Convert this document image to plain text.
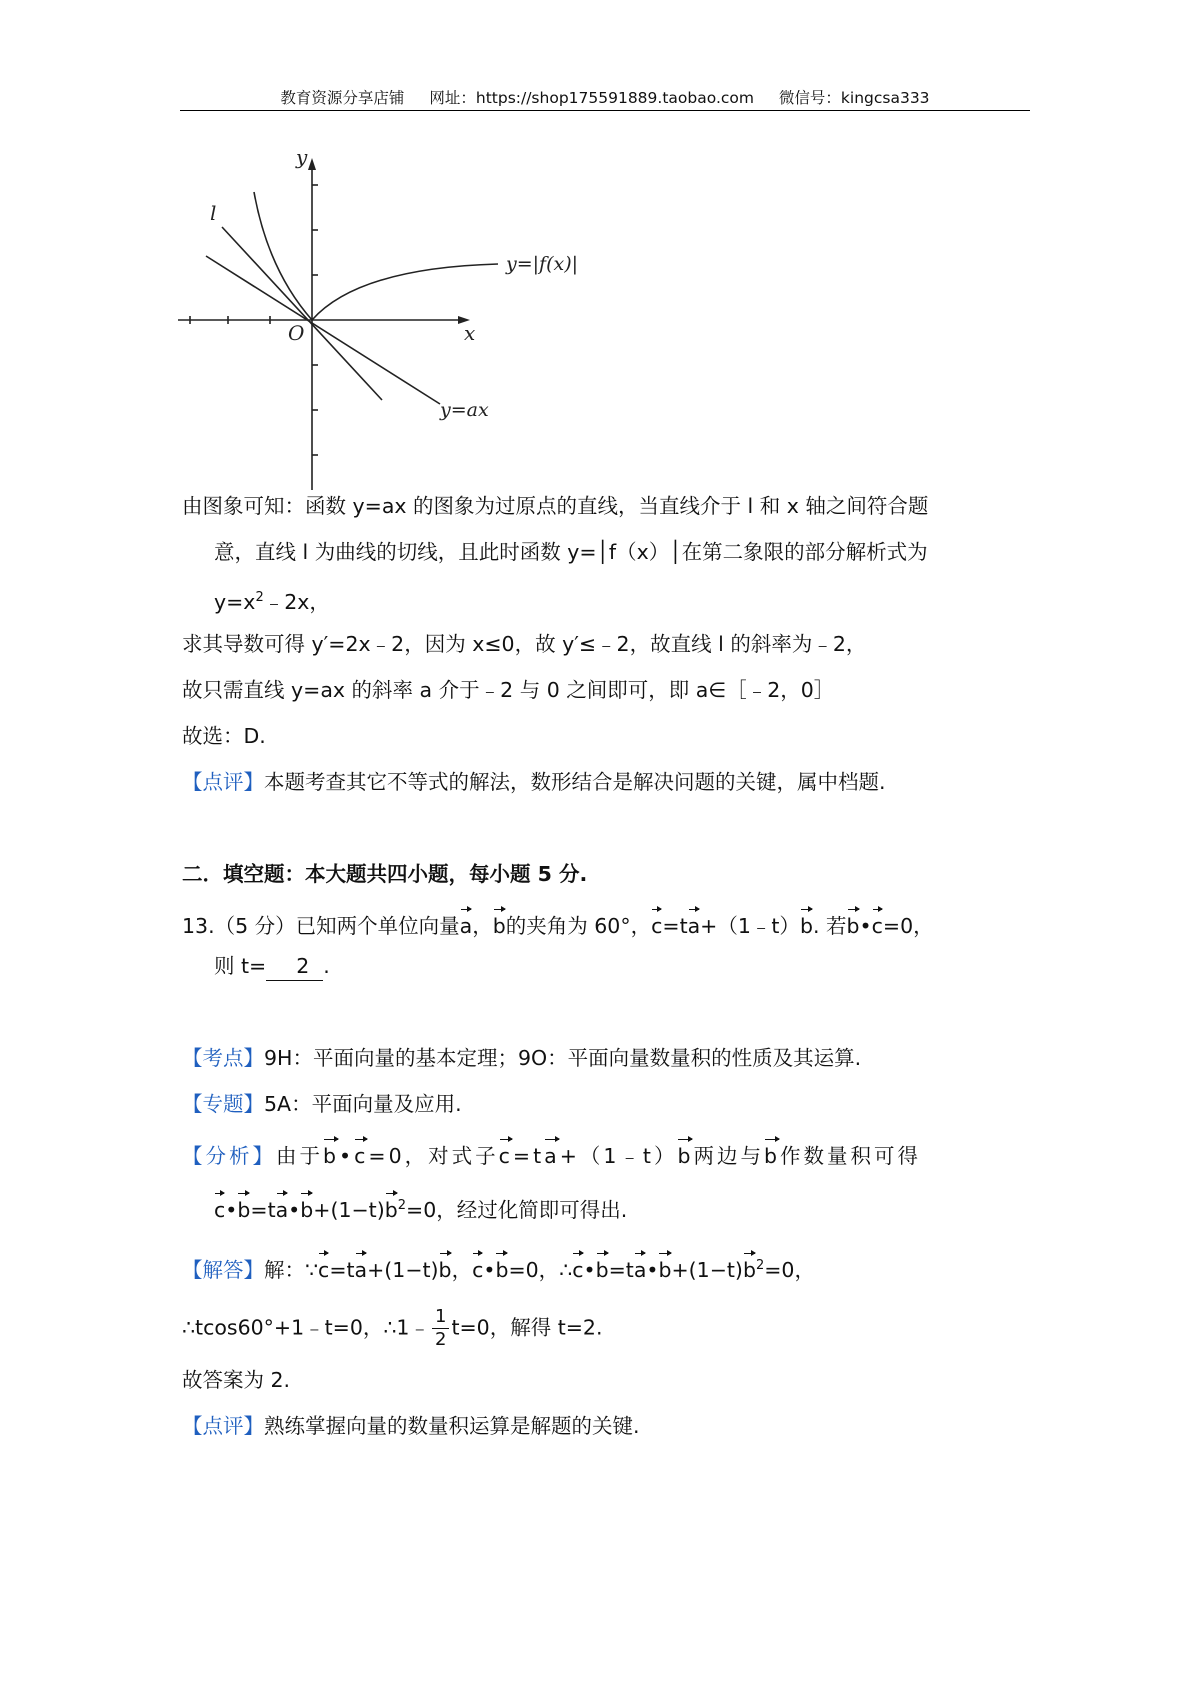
教育资源分享店铺 网址：https://shop175591889.taobao.com 微信号：kingcsa333
y
x
O
l
y=|f(x)|
y=ax
由图象可知：函数 y=ax 的图象为过原点的直线，当直线介于 l 和 x 轴之间符合题
意，直线 l 为曲线的切线，且此时函数 y=│f（x）│在第二象限的部分解析式为
$y=x^2﹣2x$，
求其导数可得 y′=2x﹣2，因为 x≤0，故 y′≤﹣2，故直线 l 的斜率为﹣2，
故只需直线 y=ax 的斜率 a 介于﹣2 与 0 之间即可，即 a∈［﹣2，0］
故选：D.
【点评】本题考查其它不等式的解法，数形结合是解决问题的关键，属中档题.
二．填空题：本大题共四小题，每小题 5 分.
13.（5 分）已知两个单位向量a，b的夹角为 60°，c=ta+（1﹣t）b. 若b•c=0，
则 t= 2 .
【考点】9H：平面向量的基本定理；9O：平面向量数量积的性质及其运算.
【专题】5A：平面向量及应用.
【分析】由于b•c=0，对式子c=ta+（1﹣t）b两边与b作数量积可得
$c•b=ta•b+(1-t)b^2=0$，经过化简即可得出.
【解答】解：∵c=ta+(1−t)b，c•b=0，$\therefore c•b=ta•b+(1-t)b^2=0$，
∴tcos60°+1﹣t=0，∴1﹣ $\frac{1}{2} t=0$，解得 t=2.
故答案为 2.
【点评】熟练掌握向量的数量积运算是解题的关键.
